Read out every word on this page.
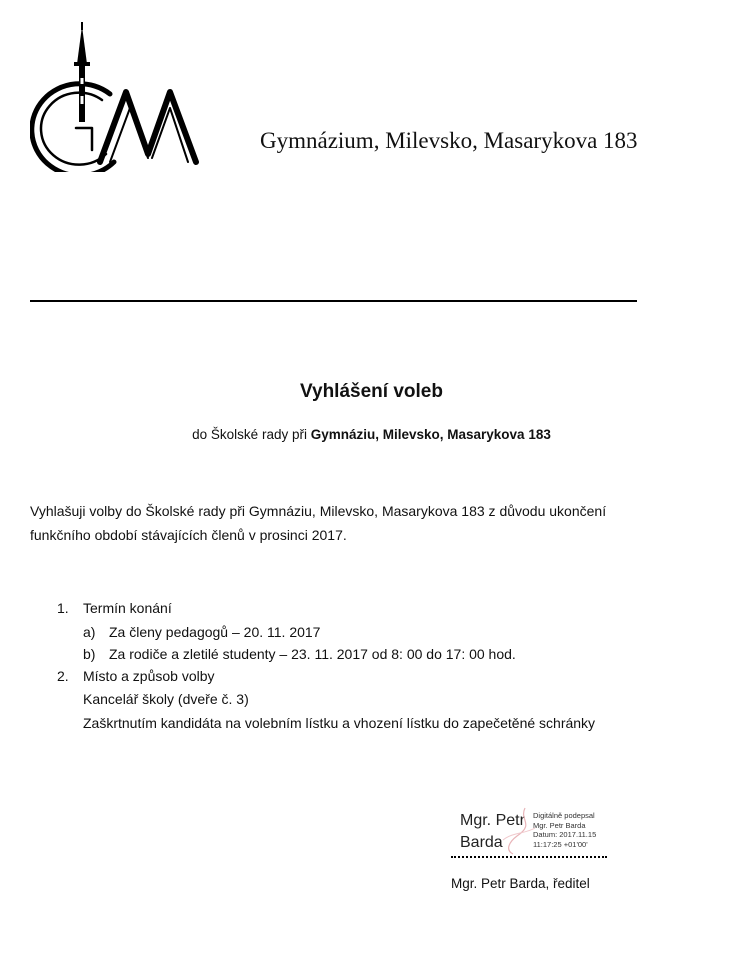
Gymnázium, Milevsko, Masarykova 183
Vyhlášení voleb
do Školské rady při Gymnáziu, Milevsko, Masarykova 183
Vyhlašuji volby do Školské rady při Gymnáziu, Milevsko, Masarykova 183 z důvodu ukončení
funkčního období stávajících členů v prosinci 2017.
1. Termín konání
a) Za členy pedagogů – 20. 11. 2017
b) Za rodiče a zletilé studenty – 23. 11. 2017 od 8: 00 do 17: 00 hod.
2. Místo a způsob volby
Kancelář školy (dveře č. 3)
Zaškrtnutím kandidáta na volebním lístku a vhození lístku do zapečetěné schránky
Mgr. Petr
Barda
Digitálně podepsal
Mgr. Petr Barda
Datum: 2017.11.15
11:17:25 +01'00'
Mgr. Petr Barda, ředitel
